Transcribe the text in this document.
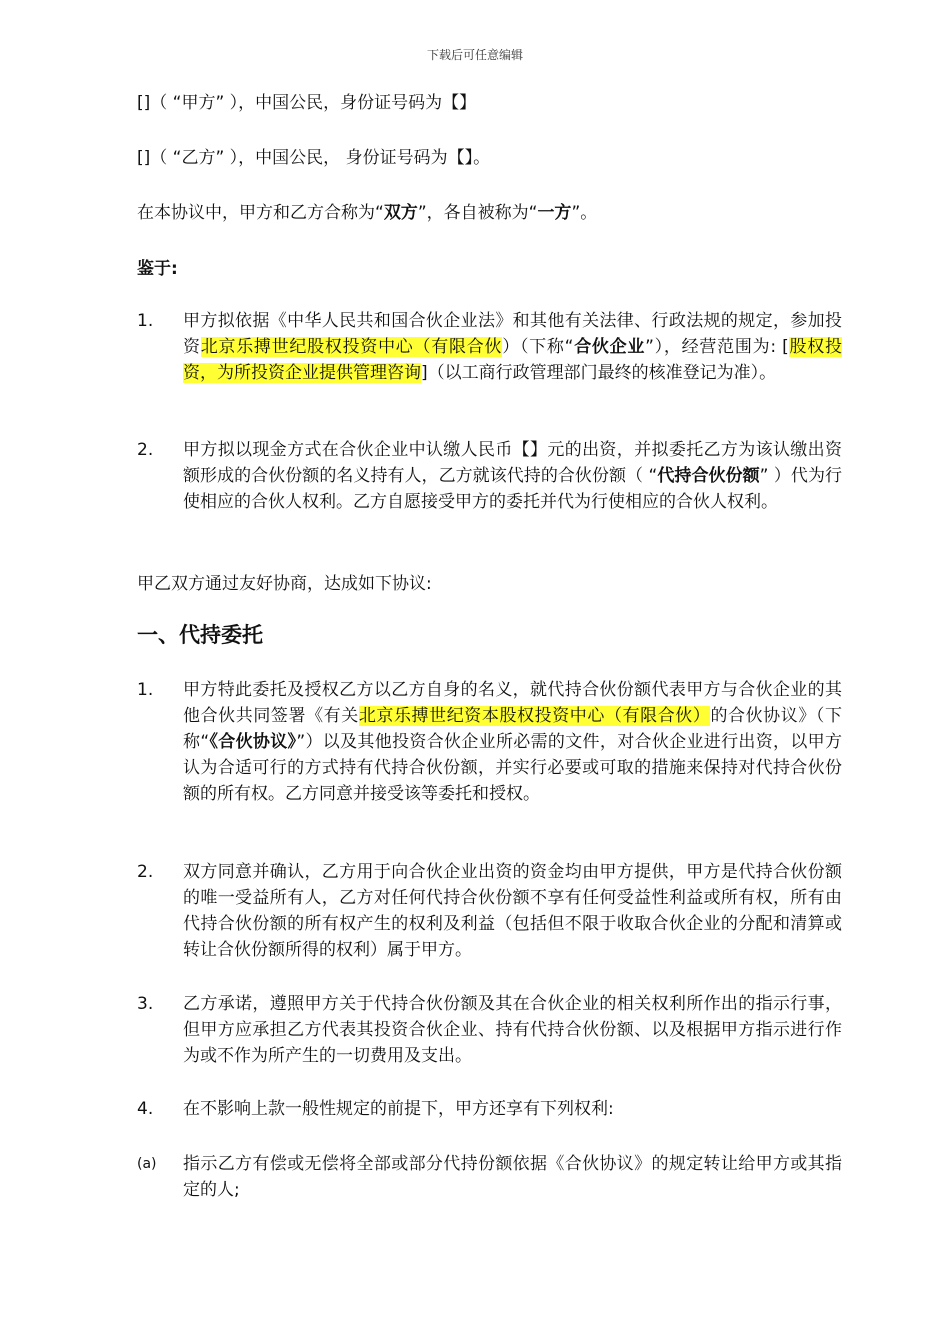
下载后可任意编辑
[]（ “甲方” ），中国公民，身份证号码为【】
[]（ “乙方” ），中国公民， 身份证号码为【】。
在本协议中，甲方和乙方合称为“双方”，各自被称为“一方”。
鉴于:
1.	甲方拟依据《中华人民共和国合伙企业法》和其他有关法律、行政法规的规定，参加投资北京乐搏世纪股权投资中心（有限合伙）（下称“合伙企业”），经营范围为: [股权投资，为所投资企业提供管理咨询]（以工商行政管理部门最终的核准登记为准）。
2.	甲方拟以现金方式在合伙企业中认缴人民币【】元的出资，并拟委托乙方为该认缴出资额形成的合伙份额的名义持有人，乙方就该代持的合伙份额（ “代持合伙份额” ）代为行使相应的合伙人权利。乙方自愿接受甲方的委托并代为行使相应的合伙人权利。
甲乙双方通过友好协商，达成如下协议:
一、代持委托
1.	甲方特此委托及授权乙方以乙方自身的名义，就代持合伙份额代表甲方与合伙企业的其他合伙共同签署《有关北京乐搏世纪资本股权投资中心（有限合伙）的合伙协议》（下称“《合伙协议》”）以及其他投资合伙企业所必需的文件，对合伙企业进行出资，以甲方认为合适可行的方式持有代持合伙份额，并实行必要或可取的措施来保持对代持合伙份额的所有权。乙方同意并接受该等委托和授权。
2.	双方同意并确认，乙方用于向合伙企业出资的资金均由甲方提供，甲方是代持合伙份额的唯一受益所有人，乙方对任何代持合伙份额不享有任何受益性利益或所有权，所有由代持合伙份额的所有权产生的权利及利益（包括但不限于收取合伙企业的分配和清算或转让合伙份额所得的权利）属于甲方。
3.	乙方承诺，遵照甲方关于代持合伙份额及其在合伙企业的相关权利所作出的指示行事，但甲方应承担乙方代表其投资合伙企业、持有代持合伙份额、以及根据甲方指示进行作为或不作为所产生的一切费用及支出。
4.	在不影响上款一般性规定的前提下，甲方还享有下列权利:
(a)	指示乙方有偿或无偿将全部或部分代持份额依据《合伙协议》的规定转让给甲方或其指定的人;
